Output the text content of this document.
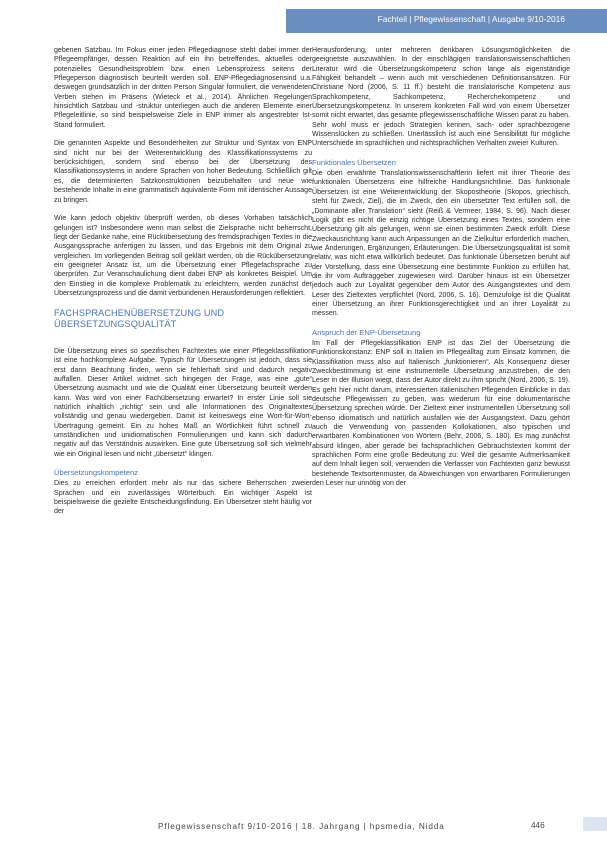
Fachteil | Pflegewissenschaft | Ausgabe 9/10-2016

gebenen Satzbau. Im Fokus einer jeden Pflegediagnose steht dabei immer der Pflegeempfänger, dessen Reaktion auf ein ihn betreffendes, aktuelles oder potenzielles Gesundheitsproblem bzw. einen Lebensprozess seitens der Pflegeperson diagnostisch beurteilt werden soll. ENP-Pflegediagnosensind u.a. deswegen grundsätzlich in der dritten Person Singular formuliert, die verwendeten Verben stehen im Präsens (Wieteck et al., 2014). Ähnlichen Regelungen hinsichtlich Satzbau und -struktur unterliegen auch die anderen Elemente einer Pflegeleitlinie, so sind beispielsweise Ziele in ENP immer als angestrebter Ist-Stand formuliert.

Die genannten Aspekte und Besonderheiten zur Struktur und Syntax von ENP sind nicht nur bei der Weiterentwicklung des Klassifikationssystems zu berücksichtigen, sondern sind ebenso bei der Übersetzung des Klassifikationssystems in andere Sprachen von hoher Bedeutung. Schließlich gilt es, die determinierten Satzkonstruktionen beizubehalten und neue wie bestehende Inhalte in eine grammatisch äquivalente Form mit identischer Aussage zu bringen.

Wie kann jedoch objektiv überprüft werden, ob dieses Vorhaben tatsächlich gelungen ist? Insbesondere wenn man selbst die Zielsprache nicht beherrscht, liegt der Gedanke nahe, eine Rückübersetzung des fremdsprachigen Textes in die Ausgangssprache anfertigen zu lassen, und das Ergebnis mit dem Original zu vergleichen. Im vorliegenden Beitrag soll geklärt werden, ob die Rückübersetzung ein geeigneter Ansatz ist, um die Übersetzung einer Pflegefachsprache zu überprüfen. Zur Veranschaulichung dient dabei ENP als konkretes Beispiel. Um den Einstieg in die komplexe Problematik zu erleichtern, werden zunächst der Übersetzungsprozess und die damit verbundenen Herausforderungen reflektiert.

FACHSPRACHENÜBERSETZUNG UND
ÜBERSETZUNGSQUALITÄT

Die Übersetzung eines so spezifischen Fachtextes wie einer Pflegeklassifikation ist eine hochkomplexe Aufgabe. Typisch für Übersetzungen ist jedoch, dass sie erst dann Beachtung finden, wenn sie fehlerhaft sind und dadurch negativ auffallen. Dieser Artikel widmet sich hingegen der Frage, was eine „gute“ Übersetzung ausmacht und wie die Qualität einer Übersetzung beurteilt werden kann. Was wird von einer Fachübersetzung erwartet? In erster Linie soll sie natürlich inhaltlich „richtig“ sein und alle Informationen des Originaltextes vollständig und genau wiedergeben. Damit ist keineswegs eine Wort-für-Wort-Übertragung gemeint. Ein zu hohes Maß an Wörtlichkeit führt schnell zu umständlichen und unidiomatischen Formulierungen und kann sich dadurch negativ auf das Verständnis auswirken. Eine gute Übersetzung soll sich vielmehr wie ein Original lesen und nicht „übersetzt“ klingen.

Übersetzungskompetenz

Dies zu erreichen erfordert mehr als nur das sichere Beherrschen zweier Sprachen und ein zuverlässiges Wörterbuch. Ein wichtiger Aspekt ist beispielsweise die gezielte Entscheidungsfindung. Ein Übersetzer steht häufig vor der

Herausforderung, unter mehreren denkbaren Lösungsmöglichkeiten die geeignetste auszuwählen. In der einschlägigen translationswissenschaftlichen Literatur wird die Übersetzungskompetenz schon lange als eigenständige Fähigkeit behandelt – wenn auch mit verschiedenen Definitionsansätzen. Für Christiane Nord (2006, S. 11 ff.) besteht die translatorische Kompetenz aus Sprachkompetenz, Sachkompetenz, Recherchekompetenz und Übersetzungskompetenz. In unserem konkreten Fall wird von einem Übersetzer somit nicht erwartet, das gesamte pflegewissenschaftliche Wissen parat zu haben. Sehr wohl muss er jedoch Strategien kennen, sach- oder sprachbezogene Wissenslücken zu schließen. Unerlässlich ist auch eine Sensibilität für mögliche Unterschiede im sprachlichen und nichtsprachlichen Verhalten zweier Kulturen.

Funktionales Übersetzen

Die oben erwähnte Translationswissenschaftlerin liefert mit ihrer Theorie des funktionalen Übersetzens eine hilfreiche Handlungsrichtlinie. Das funktionale Übersetzen ist eine Weiterentwicklung der Skopostheorie (Skopos, griechisch, steht für Zweck, Ziel), die im Zweck, den ein übersetzter Text erfüllen soll, die „Dominante aller Translation“ sieht (Reiß & Vermeer, 1984, S. 96). Nach dieser Logik gibt es nicht die einzig richtige Übersetzung eines Textes, sondern eine Übersetzung gilt als gelungen, wenn sie einen bestimmten Zweck erfüllt. Diese Zweckausrichtung kann auch Anpassungen an die Zielkultur erforderlich machen, wie Änderungen, Ergänzungen, Erläuterungen. Die Übersetzungsqualität ist somit relativ, was nicht etwa willkürlich bedeutet. Das funktionale Übersetzen beruht auf der Vorstellung, dass eine Übersetzung eine bestimmte Funktion zu erfüllen hat, die ihr vom Auftraggeber zugewiesen wird. Darüber hinaus ist ein Übersetzer jedoch auch zur Loyalität gegenüber dem Autor des Ausgangstextes und dem Leser des Zieltextes verpflichtet (Nord, 2006, S. 16). Demzufolge ist die Qualität einer Übersetzung an ihrer Funktionsgerechtigkeit und an ihrer Loyalität zu messen.

Anspruch der ENP-Übersetzung

Im Fall der Pflegeklassifikation ENP ist das Ziel der Übersetzung die Funktionskonstanz: ENP soll in Italien im Pflegealltag zum Einsatz kommen, die Klassifikation muss also auf Italienisch „funktionieren“. Als Konsequenz dieser Zweckbestimmung ist eine instrumentelle Übersetzung anzustreben, die den Leser in der Illusion wiegt, dass der Autor direkt zu ihm spricht (Nord, 2006, S. 19). Es geht hier nicht darum, interessierten italienischen Pflegenden Einblicke in das deutsche Pflegewissen zu geben, was wiederum für eine dokumentarische Übersetzung sprechen würde. Der Zieltext einer instrumentellen Übersetzung soll ebenso idiomatisch und natürlich ausfallen wie der Ausgangstext. Dazu gehört auch die Verwendung von passenden Kollokationen, also typischen und erwartbaren Kombinationen von Wörtern (Behr, 2006, S. 180). Es mag zunächst absurd klingen, aber gerade bei fachsprachlichen Gebrauchstexten kommt der sprachlichen Form eine große Bedeutung zu: Weil die gesamte Aufmerksamkeit auf dem Inhalt liegen soll, verwenden die Verfasser von Fachtexten ganz bewusst bestehende Textsortenmuster, da Abweichungen von erwartbaren Formulierungen den Leser nur unnötig von der

Pflegewissenschaft 9/10-2016 | 18. Jahrgang | hpsmedia, Nidda	446
